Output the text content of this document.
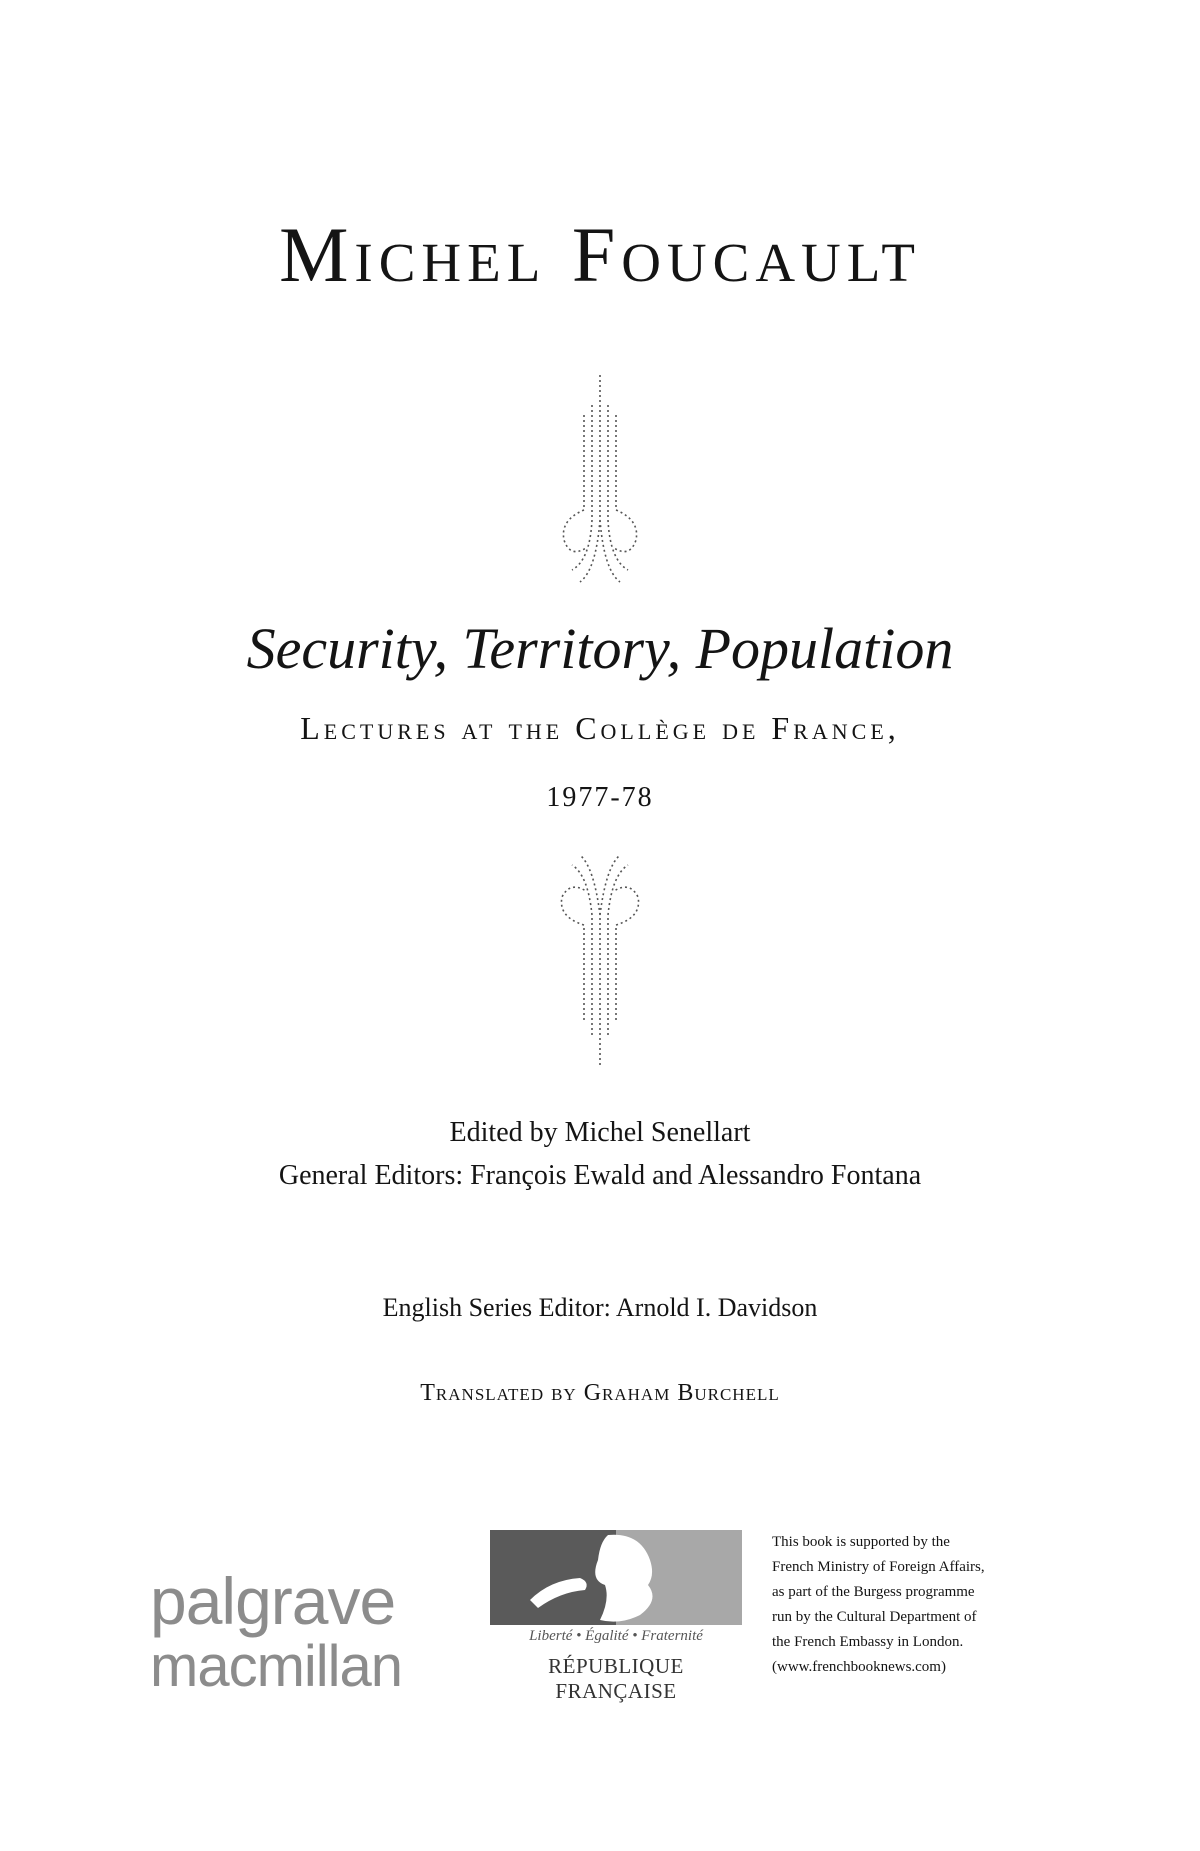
Michel Foucault
Security, Territory, Population
Lectures at the Collège de France,
1977-78
Edited by Michel Senellart
General Editors: François Ewald and Alessandro Fontana
English Series Editor: Arnold I. Davidson
Translated by Graham Burchell
palgrave
macmillan	Liberté • Égalité • Fraternité
RÉPUBLIQUE FRANÇAISE
This book is supported by the
French Ministry of Foreign Affairs,
as part of the Burgess programme
run by the Cultural Department of
the French Embassy in London.
(www.frenchbooknews.com)
